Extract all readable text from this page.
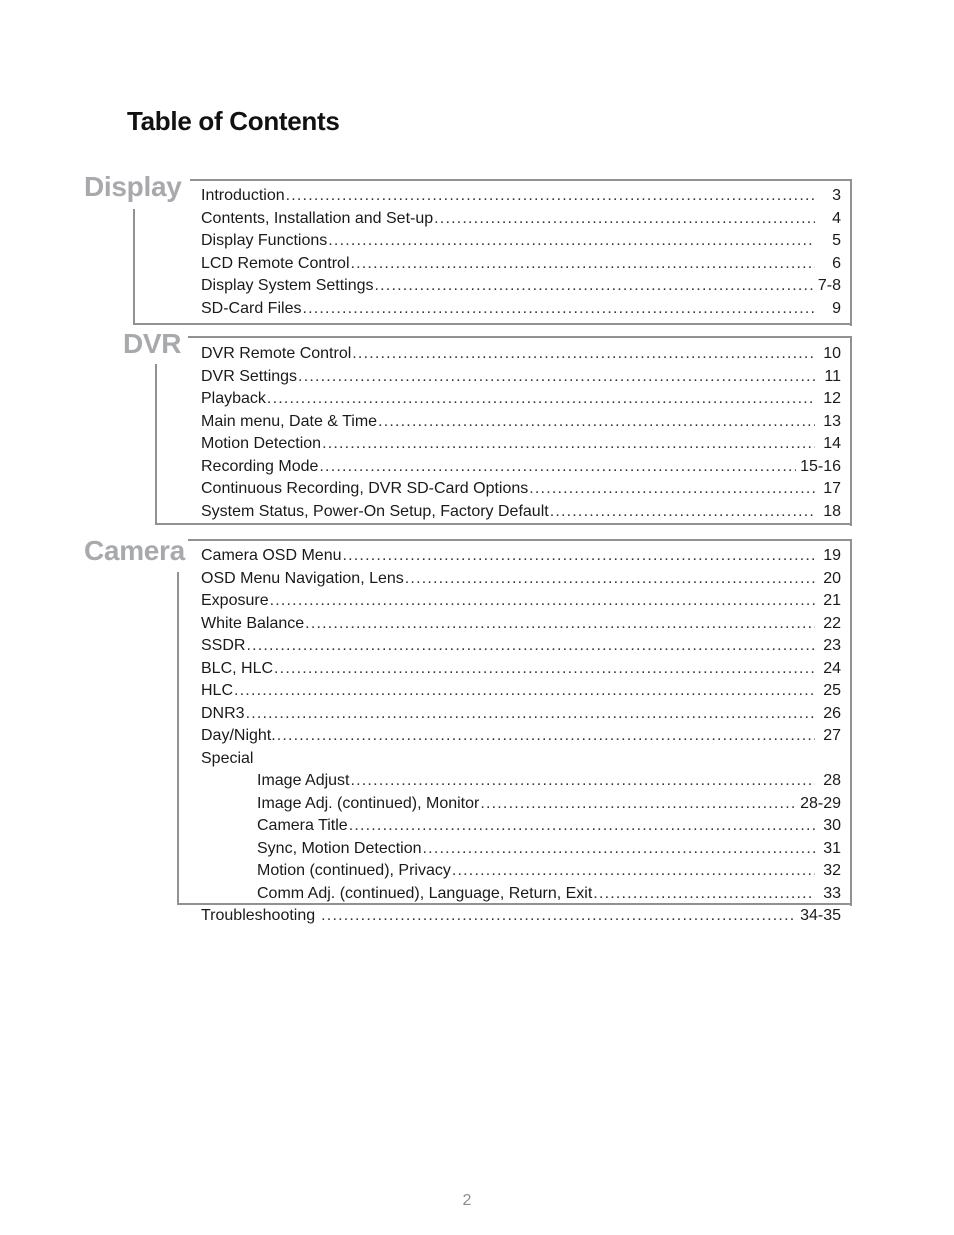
Table of Contents
Display Introduction .....	3
Contents, Installation and Set-up .....	4
Display Functions .....	5
LCD Remote Control .....	6
Display System Settings .....	7-8
SD-Card Files .....	9
DVR DVR Remote Control .....	10
DVR Settings .....	11
Playback .....	12
Main menu, Date & Time .....	13
Motion Detection .....	14
Recording Mode .....	15-16
Continuous Recording, DVR SD-Card Options .....	17
System Status, Power-On Setup, Factory Default .....	18
Camera Camera OSD Menu .....	19
OSD Menu Navigation, Lens .....	20
Exposure .....	21
White Balance .....	22
SSDR .....	23
BLC, HLC .....	24
HLC .....	25
DNR3 .....	26
Day/Night. .....	27
Special
Image Adjust .....	28
Image Adj. (continued), Monitor .....	28-29
Camera Title .....	30
Sync, Motion Detection .....	31
Motion (continued), Privacy .....	32
Comm Adj. (continued), Language, Return, Exit .....	33
Troubleshooting .....	34-35
2
